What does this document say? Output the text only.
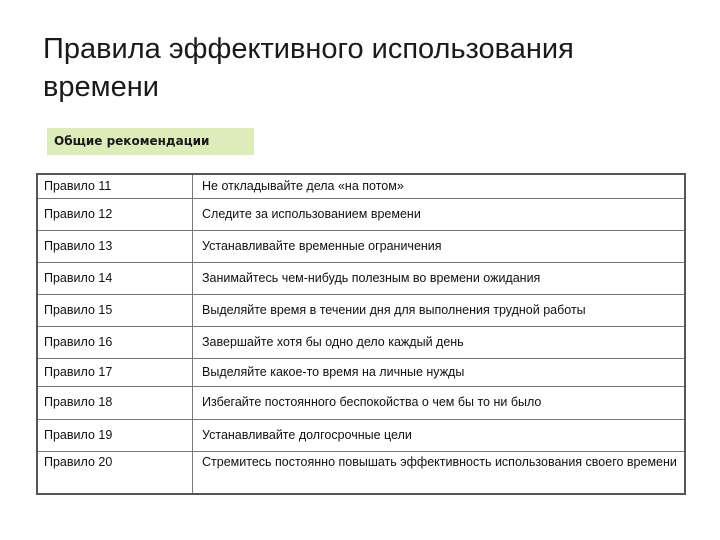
Правила эффективного использования времени
Общие рекомендации
Правило 11	Не откладывайте дела «на потом»
Правило 12	Следите за использованием времени
Правило 13	Устанавливайте временные ограничения
Правило 14	Занимайтесь чем-нибудь полезным во времени ожидания
Правило 15	Выделяйте время в течении дня для выполнения трудной работы
Правило 16	Завершайте хотя бы одно дело каждый день
Правило 17	Выделяйте какое-то время на личные нужды
Правило 18	Избегайте постоянного беспокойства о чем бы то ни было
Правило 19	Устанавливайте долгосрочные цели
Правило 20	Стремитесь постоянно повышать эффективность использования своего времени
